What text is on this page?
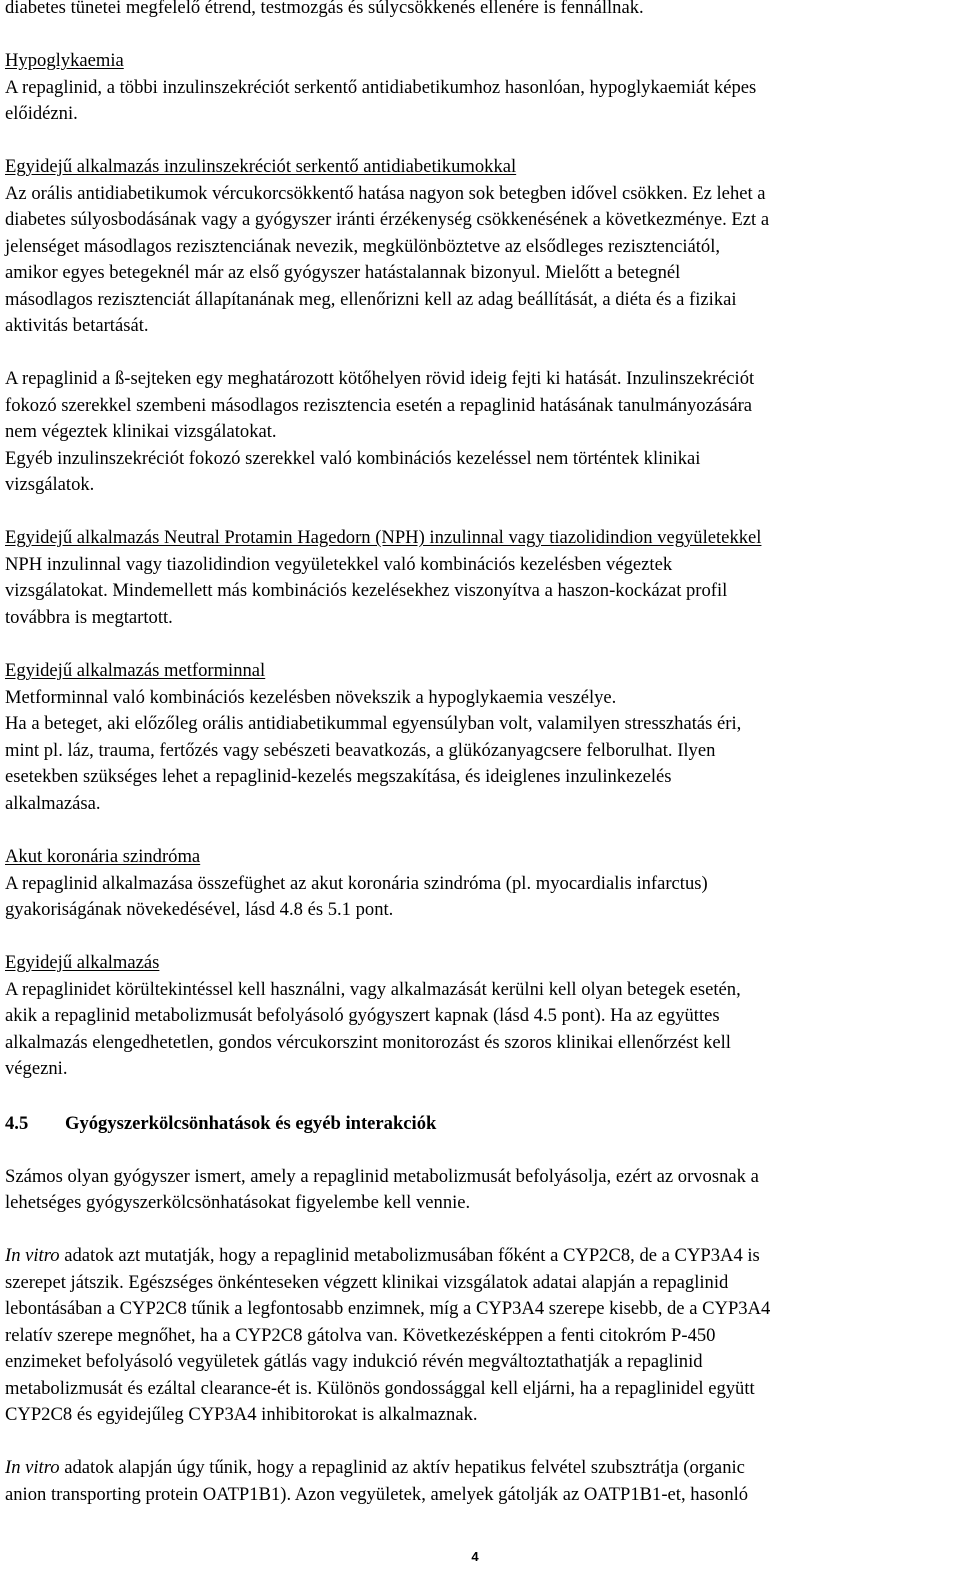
diabetes tünetei megfelelő étrend, testmozgás és súlycsökkenés ellenére is fennállnak.
Hypoglykaemia
A repaglinid, a többi inzulinszekréciót serkentő antidiabetikumhoz hasonlóan, hypoglykaemiát képes
előidézni.
Egyidejű alkalmazás inzulinszekréciót serkentő antidiabetikumokkal
Az orális antidiabetikumok vércukorcsökkentő hatása nagyon sok betegben idővel csökken. Ez lehet a
diabetes súlyosbodásának vagy a gyógyszer iránti érzékenység csökkenésének a következménye. Ezt a
jelenséget másodlagos rezisztenciának nevezik, megkülönböztetve az elsődleges rezisztenciától,
amikor egyes betegeknél már az első gyógyszer hatástalannak bizonyul. Mielőtt a betegnél
másodlagos rezisztenciát állapítanának meg, ellenőrizni kell az adag beállítását, a diéta és a fizikai
aktivitás betartását.
A repaglinid a ß-sejteken egy meghatározott kötőhelyen rövid ideig fejti ki hatását. Inzulinszekréciót
fokozó szerekkel szembeni másodlagos rezisztencia esetén a repaglinid hatásának tanulmányozására
nem végeztek klinikai vizsgálatokat.
Egyéb inzulinszekréciót fokozó szerekkel való kombinációs kezeléssel nem történtek klinikai
vizsgálatok.
Egyidejű alkalmazás Neutral Protamin Hagedorn (NPH) inzulinnal vagy tiazolidindion vegyületekkel
NPH inzulinnal vagy tiazolidindion vegyületekkel való kombinációs kezelésben végeztek
vizsgálatokat. Mindemellett más kombinációs kezelésekhez viszonyítva a haszon-kockázat profil
továbbra is megtartott.
Egyidejű alkalmazás metforminnal
Metforminnal való kombinációs kezelésben növekszik a hypoglykaemia veszélye.
Ha a beteget, aki előzőleg orális antidiabetikummal egyensúlyban volt, valamilyen stresszhatás éri,
mint pl. láz, trauma, fertőzés vagy sebészeti beavatkozás, a glükózanyagcsere felborulhat. Ilyen
esetekben szükséges lehet a repaglinid-kezelés megszakítása, és ideiglenes inzulinkezelés
alkalmazása.
Akut koronária szindróma
A repaglinid alkalmazása összefüghet az akut koronária szindróma (pl. myocardialis infarctus)
gyakoriságának növekedésével, lásd 4.8 és 5.1 pont.
Egyidejű alkalmazás
A repaglinidet körültekintéssel kell használni, vagy alkalmazását kerülni kell olyan betegek esetén,
akik a repaglinid metabolizmusát befolyásoló gyógyszert kapnak (lásd 4.5 pont). Ha az együttes
alkalmazás elengedhetetlen, gondos vércukorszint monitorozást és szoros klinikai ellenőrzést kell
végezni.
Számos olyan gyógyszer ismert, amely a repaglinid metabolizmusát befolyásolja, ezért az orvosnak a
lehetséges gyógyszerkölcsönhatásokat figyelembe kell vennie.
In vitro adatok azt mutatják, hogy a repaglinid metabolizmusában főként a CYP2C8, de a CYP3A4 is
szerepet játszik. Egészséges önkénteseken végzett klinikai vizsgálatok adatai alapján a repaglinid
lebontásában a CYP2C8 tűnik a legfontosabb enzimnek, míg a CYP3A4 szerepe kisebb, de a CYP3A4
relatív szerepe megnőhet, ha a CYP2C8 gátolva van. Következésképpen a fenti citokróm P-450
enzimeket befolyásoló vegyületek gátlás vagy indukció révén megváltoztathatják a repaglinid
metabolizmusát és ezáltal clearance-ét is. Különös gondossággal kell eljárni, ha a repaglinidel együtt
CYP2C8 és egyidejűleg CYP3A4 inhibitorokat is alkalmaznak.
In vitro adatok alapján úgy tűnik, hogy a repaglinid az aktív hepatikus felvétel szubsztrátja (organic
anion transporting protein OATP1B1). Azon vegyületek, amelyek gátolják az OATP1B1-et, hasonló
4.5 Gyógyszerkölcsönhatások és egyéb interakciók
4
